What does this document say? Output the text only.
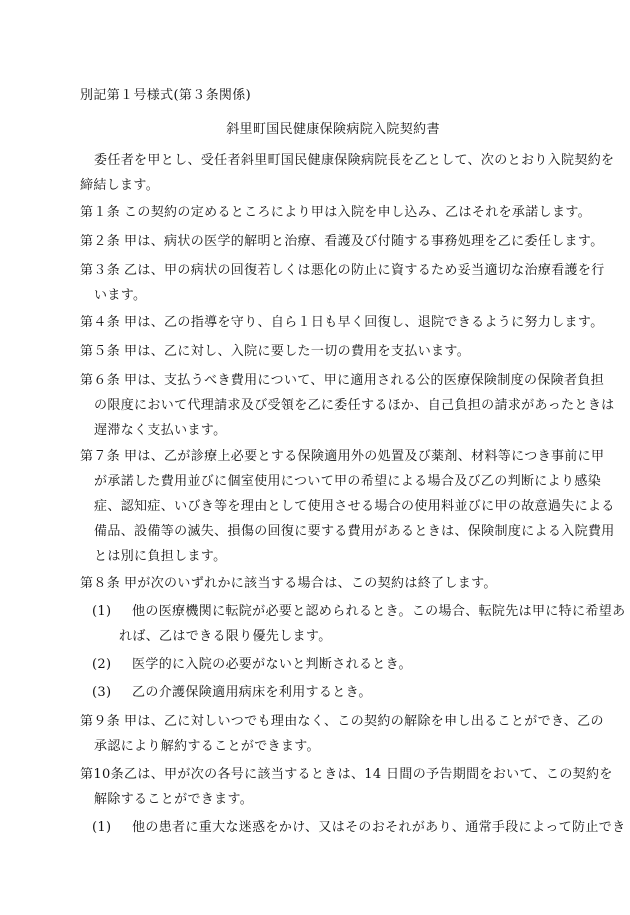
別記第１号様式(第３条関係)
斜里町国民健康保険病院入院契約書
委任者を甲とし、受任者斜里町国民健康保険病院長を乙として、次のとおり入院契約を
締結します。
第１条 この契約の定めるところにより甲は入院を申し込み、乙はそれを承諾します。
第２条 甲は、病状の医学的解明と治療、看護及び付随する事務処理を乙に委任します。
第３条 乙は、甲の病状の回復若しくは悪化の防止に資するため妥当適切な治療看護を行
います。
第４条 甲は、乙の指導を守り、自ら１日も早く回復し、退院できるように努力します。
第５条 甲は、乙に対し、入院に要した一切の費用を支払います。
第６条 甲は、支払うべき費用について、甲に適用される公的医療保険制度の保険者負担
の限度において代理請求及び受領を乙に委任するほか、自己負担の請求があったときは
遅滞なく支払います。
第７条 甲は、乙が診療上必要とする保険適用外の処置及び薬剤、材料等につき事前に甲
が承諾した費用並びに個室使用について甲の希望による場合及び乙の判断により感染
症、認知症、いびき等を理由として使用させる場合の使用料並びに甲の故意過失による
備品、設備等の滅失、損傷の回復に要する費用があるときは、保険制度による入院費用
とは別に負担します。
第８条 甲が次のいずれかに該当する場合は、この契約は終了します。
(1) 他の医療機関に転院が必要と認められるとき。この場合、転院先は甲に特に希望あ
れば、乙はできる限り優先します。
(2) 医学的に入院の必要がないと判断されるとき。
(3) 乙の介護保険適用病床を利用するとき。
第９条 甲は、乙に対しいつでも理由なく、この契約の解除を申し出ることができ、乙の
承認により解約することができます。
第10条乙は、甲が次の各号に該当するときは、14 日間の予告期間をおいて、この契約を
解除することができます。
(1) 他の患者に重大な迷惑をかけ、又はそのおそれがあり、通常手段によって防止でき
